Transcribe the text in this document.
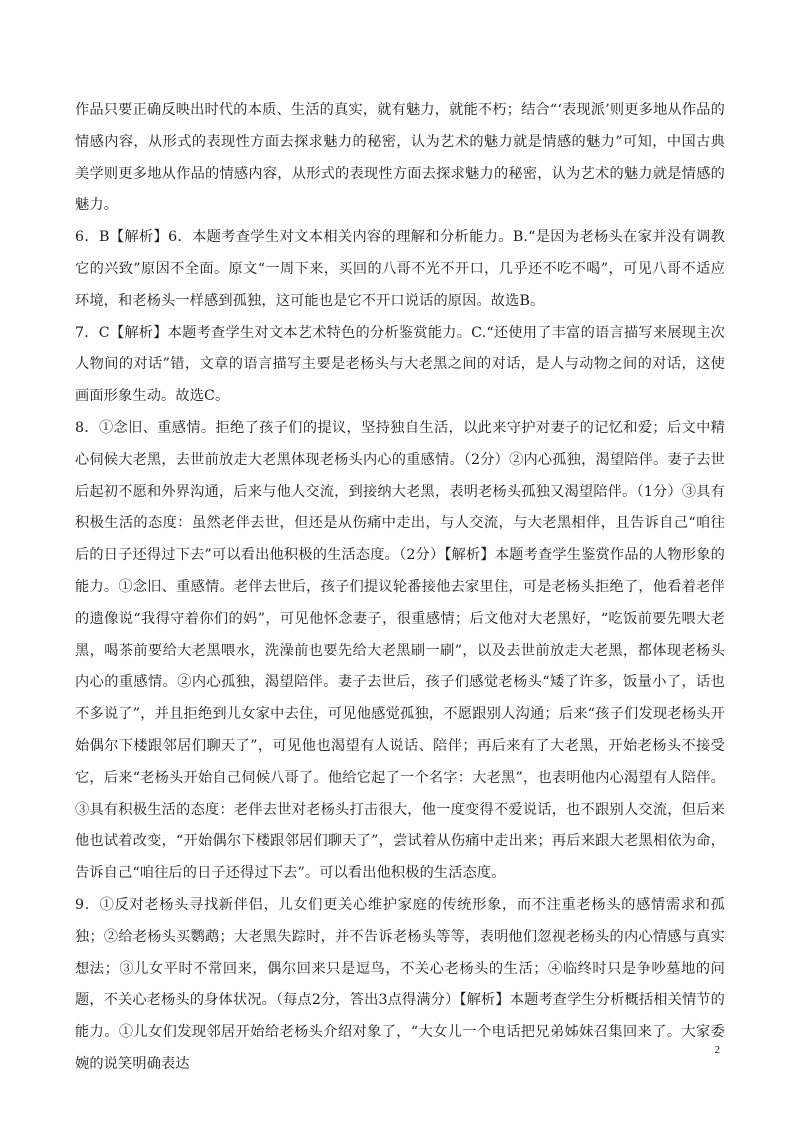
作品只要正确反映出时代的本质、生活的真实，就有魅力，就能不朽；结合“‘表现派’则更多地从作品的情感内容，从形式的表现性方面去探求魅力的秘密，认为艺术的魅力就是情感的魅力”可知，中国古典美学则更多地从作品的情感内容，从形式的表现性方面去探求魅力的秘密，认为艺术的魅力就是情感的魅力。

6．B【解析】6．本题考查学生对文本相关内容的理解和分析能力。B.“是因为老杨头在家并没有调教它的兴致”原因不全面。原文“一周下来，买回的八哥不光不开口，几乎还不吃不喝”，可见八哥不适应环境，和老杨头一样感到孤独，这可能也是它不开口说话的原因。故选B。

7．C【解析】本题考查学生对文本艺术特色的分析鉴赏能力。C.“还使用了丰富的语言描写来展现主次人物间的对话”错，文章的语言描写主要是老杨头与大老黑之间的对话，是人与动物之间的对话，这使画面形象生动。故选C。

8．①念旧、重感情。拒绝了孩子们的提议，坚持独自生活，以此来守护对妻子的记忆和爱；后文中精心伺候大老黑，去世前放走大老黑体现老杨头内心的重感情。（2分）②内心孤独，渴望陪伴。妻子去世后起初不愿和外界沟通，后来与他人交流，到接纳大老黑，表明老杨头孤独又渴望陪伴。（1分）③具有积极生活的态度：虽然老伴去世，但还是从伤痛中走出，与人交流，与大老黑相伴，且告诉自己“咱往后的日子还得过下去”可以看出他积极的生活态度。（2分）【解析】本题考查学生鉴赏作品的人物形象的能力。①念旧、重感情。老伴去世后，孩子们提议轮番接他去家里住，可是老杨头拒绝了，他看着老伴的遗像说“我得守着你们的妈”，可见他怀念妻子，很重感情；后文他对大老黑好，“吃饭前要先喂大老黑，喝茶前要给大老黑喂水，洗澡前也要先给大老黑刷一刷”，以及去世前放走大老黑，都体现老杨头内心的重感情。②内心孤独，渴望陪伴。妻子去世后，孩子们感觉老杨头“矮了许多，饭量小了，话也不多说了”，并且拒绝到儿女家中去住，可见他感觉孤独，不愿跟别人沟通；后来“孩子们发现老杨头开始偶尔下楼跟邻居们聊天了”，可见他也渴望有人说话、陪伴；再后来有了大老黑，开始老杨头不接受它，后来“老杨头开始自己伺候八哥了。他给它起了一个名字：大老黑”，也表明他内心渴望有人陪伴。③具有积极生活的态度：老伴去世对老杨头打击很大，他一度变得不爱说话，也不跟别人交流，但后来他也试着改变，“开始偶尔下楼跟邻居们聊天了”，尝试着从伤痛中走出来；再后来跟大老黑相依为命，告诉自己“咱往后的日子还得过下去”。可以看出他积极的生活态度。

9．①反对老杨头寻找新伴侣，儿女们更关心维护家庭的传统形象，而不注重老杨头的感情需求和孤独；②给老杨头买鹦鹉；大老黑失踪时，并不告诉老杨头等等，表明他们忽视老杨头的内心情感与真实想法；③儿女平时不常回来，偶尔回来只是逗鸟，不关心老杨头的生活；④临终时只是争吵墓地的问题，不关心老杨头的身体状况。（每点2分，答出3点得满分）【解析】本题考查学生分析概括相关情节的能力。①儿女们发现邻居开始给老杨头介绍对象了，“大女儿一个电话把兄弟姊妹召集回来了。大家委婉的说笑明确表达

2
